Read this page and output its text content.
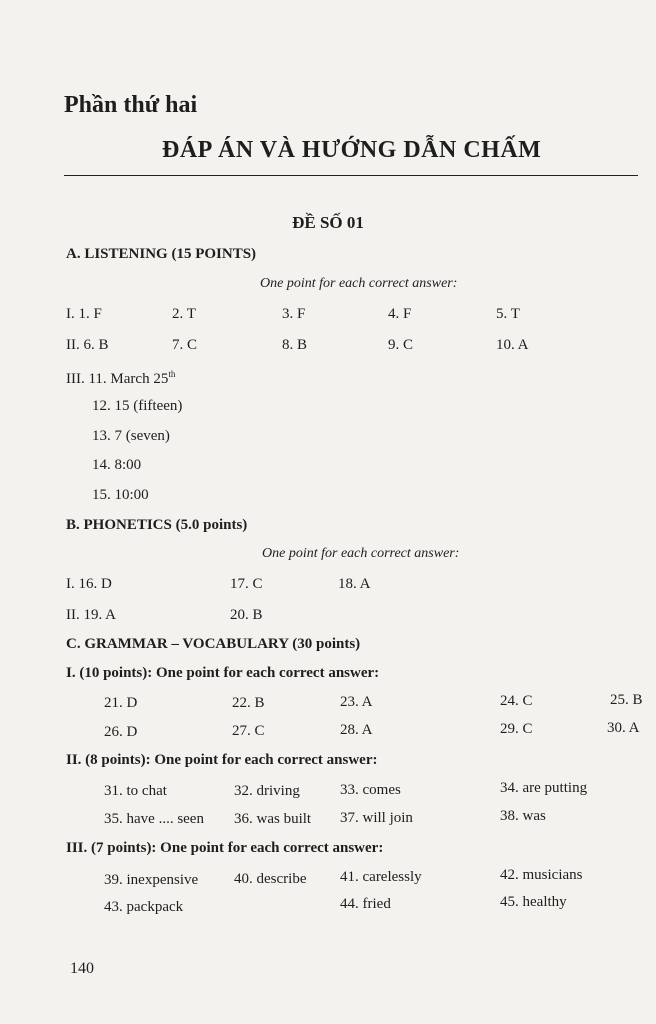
Phần thứ hai
ĐÁP ÁN VÀ HƯỚNG DẪN CHẤM
ĐỀ SỐ 01
A. LISTENING (15 POINTS)
One point for each correct answer:
I. 1. F	2. T	3. F	4. F	5. T
II. 6. B	7. C	8. B	9. C	10. A
III. 11. March 25th
12. 15 (fifteen)
13. 7 (seven)
14. 8:00
15. 10:00
B. PHONETICS (5.0 points)
One point for each correct answer:
I. 16. D	17. C	18. A
II. 19. A	20. B
C. GRAMMAR – VOCABULARY (30 points)
I. (10 points): One point for each correct answer:
21. D	22. B	23. A	24. C	25. B
26. D	27. C	28. A	29. C	30. A
II. (8 points): One point for each correct answer:
31. to chat	32. driving	33. comes	34. are putting
35. have .... seen 36. was built 37. will join	38. was
III. (7 points): One point for each correct answer:
39. inexpensive 40. describe 41. carelessly	42. musicians
43. packpack	44. fried	45. healthy
140
